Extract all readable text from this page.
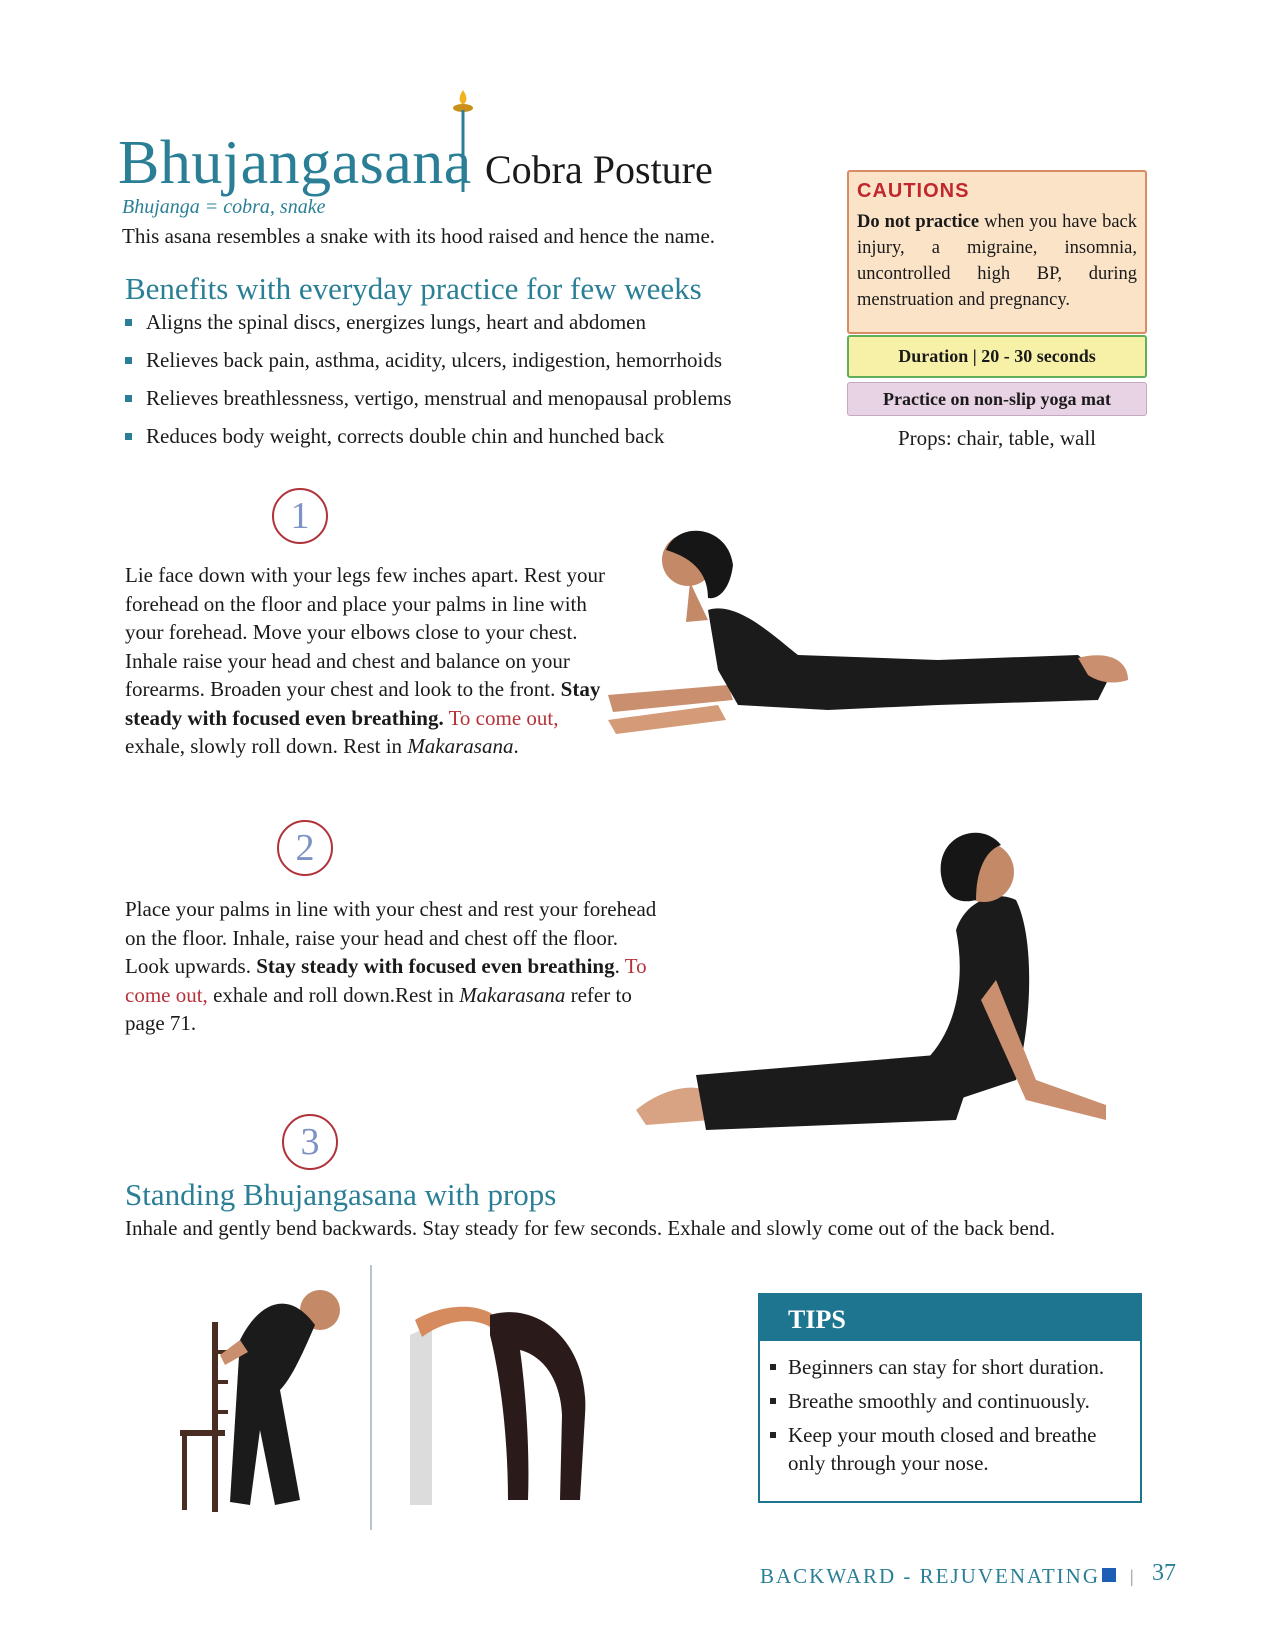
Bhujangasana Cobra Posture
Bhujanga = cobra, snake
This asana resembles a snake with its hood raised and hence the name.
Benefits with everyday practice for few weeks
Aligns the spinal discs, energizes lungs, heart and abdomen
Relieves back pain, asthma, acidity, ulcers, indigestion, hemorrhoids
Relieves breathlessness, vertigo, menstrual and menopausal problems
Reduces body weight, corrects double chin and hunched back
CAUTIONS
Do not practice when you have back injury, a migraine, insomnia, uncontrolled high BP, during menstruation and pregnancy.
Duration | 20 - 30 seconds
Practice on non-slip yoga mat
Props: chair, table, wall
1
Lie face down with your legs few inches apart. Rest your forehead on the floor and place your palms in line with your forehead. Move your elbows close to your chest. Inhale raise your head and chest and balance on your forearms. Broaden your chest and look to the front. Stay steady with focused even breathing. To come out, exhale, slowly roll down. Rest in Makarasana.
2
Place your palms in line with your chest and rest your forehead on the floor. Inhale, raise your head and chest off the floor. Look upwards. Stay steady with focused even breathing. To come out, exhale and roll down.Rest in Makarasana refer to page 71.
3
Standing Bhujangasana with props
Inhale and gently bend backwards. Stay steady for few seconds. Exhale and slowly come out of the back bend.
TIPS
Beginners can stay for short duration.
Breathe smoothly and continuously.
Keep your mouth closed and breathe only through your nose.
BACKWARD - REJUVENATING | 37
